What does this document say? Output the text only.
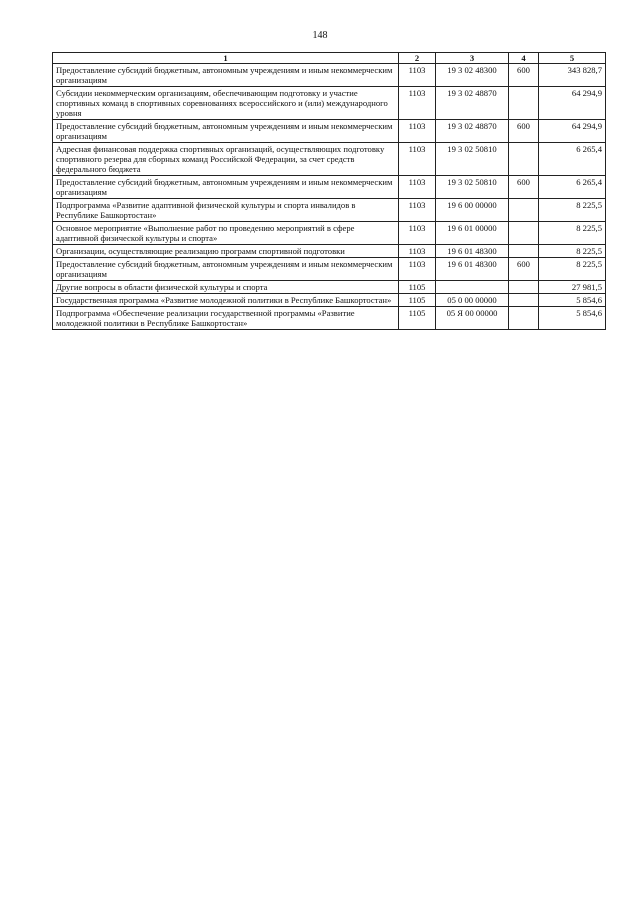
148
1	2	3	4	5
Предоставление субсидий бюджетным, автономным учреждениям и иным некоммерческим организациям	1103	19 3 02 48300	600	343 828,7
Субсидии некоммерческим организациям, обеспечивающим подготовку и участие спортивных команд в спортивных соревнованиях всероссийского и (или) международного уровня	1103	19 3 02 48870		64 294,9
Предоставление субсидий бюджетным, автономным учреждениям и иным некоммерческим организациям	1103	19 3 02 48870	600	64 294,9
Адресная финансовая поддержка спортивных организаций, осуществляющих подготовку спортивного резерва для сборных команд Российской Федерации, за счет средств федерального бюджета	1103	19 3 02 50810		6 265,4
Предоставление субсидий бюджетным, автономным учреждениям и иным некоммерческим организациям	1103	19 3 02 50810	600	6 265,4
Подпрограмма «Развитие адаптивной физической культуры и спорта инвалидов в Республике Башкортостан»	1103	19 6 00 00000		8 225,5
Основное мероприятие «Выполнение работ по проведению мероприятий в сфере адаптивной физической культуры и спорта»	1103	19 6 01 00000		8 225,5
Организации, осуществляющие реализацию программ спортивной подготовки	1103	19 6 01 48300		8 225,5
Предоставление субсидий бюджетным, автономным учреждениям и иным некоммерческим организациям	1103	19 6 01 48300	600	8 225,5
Другие вопросы в области физической культуры и спорта	1105			27 981,5
Государственная программа «Развитие молодежной политики в Республике Башкортостан»	1105	05 0 00 00000		5 854,6
Подпрограмма «Обеспечение реализации государственной программы «Развитие молодежной политики в Республике Башкортостан»	1105	05 Я 00 00000		5 854,6
